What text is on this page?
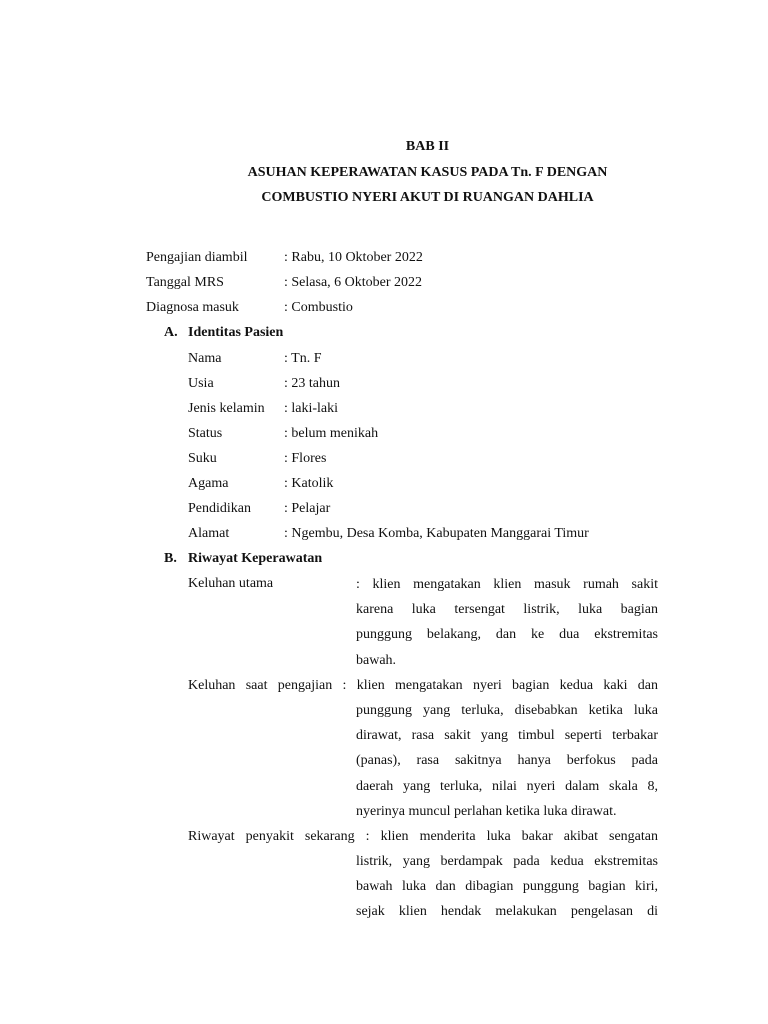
BAB II
ASUHAN KEPERAWATAN KASUS PADA Tn. F DENGAN
COMBUSTIO NYERI AKUT DI RUANGAN DAHLIA
Pengajian diambil	: Rabu, 10 Oktober 2022
Tanggal MRS	: Selasa, 6 Oktober 2022
Diagnosa masuk	: Combustio
A. Identitas Pasien
Nama	: Tn. F
Usia	: 23 tahun
Jenis kelamin : laki-laki
Status	: belum menikah
Suku	: Flores
Agama	: Katolik
Pendidikan : Pelajar
Alamat	: Ngembu, Desa Komba, Kabupaten Manggarai Timur
B. Riwayat Keperawatan
Keluhan utama	: klien mengatakan klien masuk rumah sakit
karena luka tersengat listrik, luka bagian
punggung belakang, dan ke dua ekstremitas
bawah.
Keluhan saat pengajian : klien mengatakan nyeri bagian kedua kaki dan
punggung yang terluka, disebabkan ketika luka
dirawat, rasa sakit yang timbul seperti terbakar
(panas), rasa sakitnya hanya berfokus pada
daerah yang terluka, nilai nyeri dalam skala 8,
nyerinya muncul perlahan ketika luka dirawat.
Riwayat penyakit sekarang : klien menderita luka bakar akibat sengatan
listrik, yang berdampak pada kedua ekstremitas
bawah luka dan dibagian punggung bagian kiri,
sejak klien hendak melakukan pengelasan di
